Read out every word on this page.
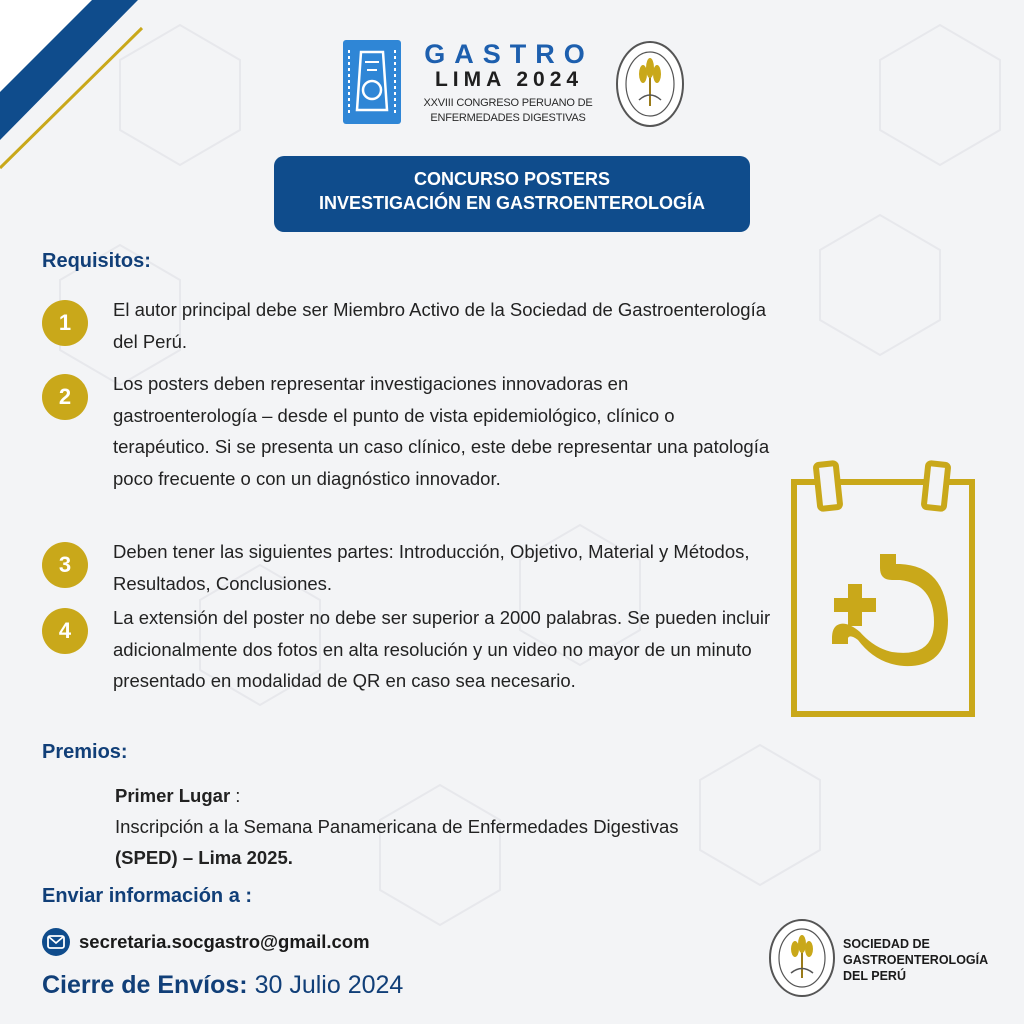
GASTRO
LIMA 2024
XXVIII CONGRESO PERUANO DE
ENFERMEDADES DIGESTIVAS
CONCURSO POSTERS
INVESTIGACIÓN EN GASTROENTEROLOGÍA
Requisitos:
1
El autor principal debe ser Miembro Activo de la Sociedad de Gastroenterología del Perú.
2
Los posters deben representar investigaciones innovadoras en gastroenterología – desde el punto de vista epidemiológico, clínico o terapéutico. Si se presenta un caso clínico, este debe representar una patología poco frecuente o con un diagnóstico innovador.
3
Deben tener las siguientes partes: Introducción, Objetivo, Material y Métodos, Resultados, Conclusiones.
4
La extensión del poster no debe ser superior a 2000 palabras. Se pueden incluir adicionalmente dos fotos en alta resolución y un video no mayor de un minuto presentado en modalidad de QR en caso sea necesario.
Premios:
Primer Lugar :
Inscripción a la Semana Panamericana de Enfermedades Digestivas (SPED) – Lima 2025.
Enviar información a :
secretaria.socgastro@gmail.com
Cierre de Envíos: 30 Julio 2024
SOCIEDAD DE
GASTROENTEROLOGÍA
DEL PERÚ
